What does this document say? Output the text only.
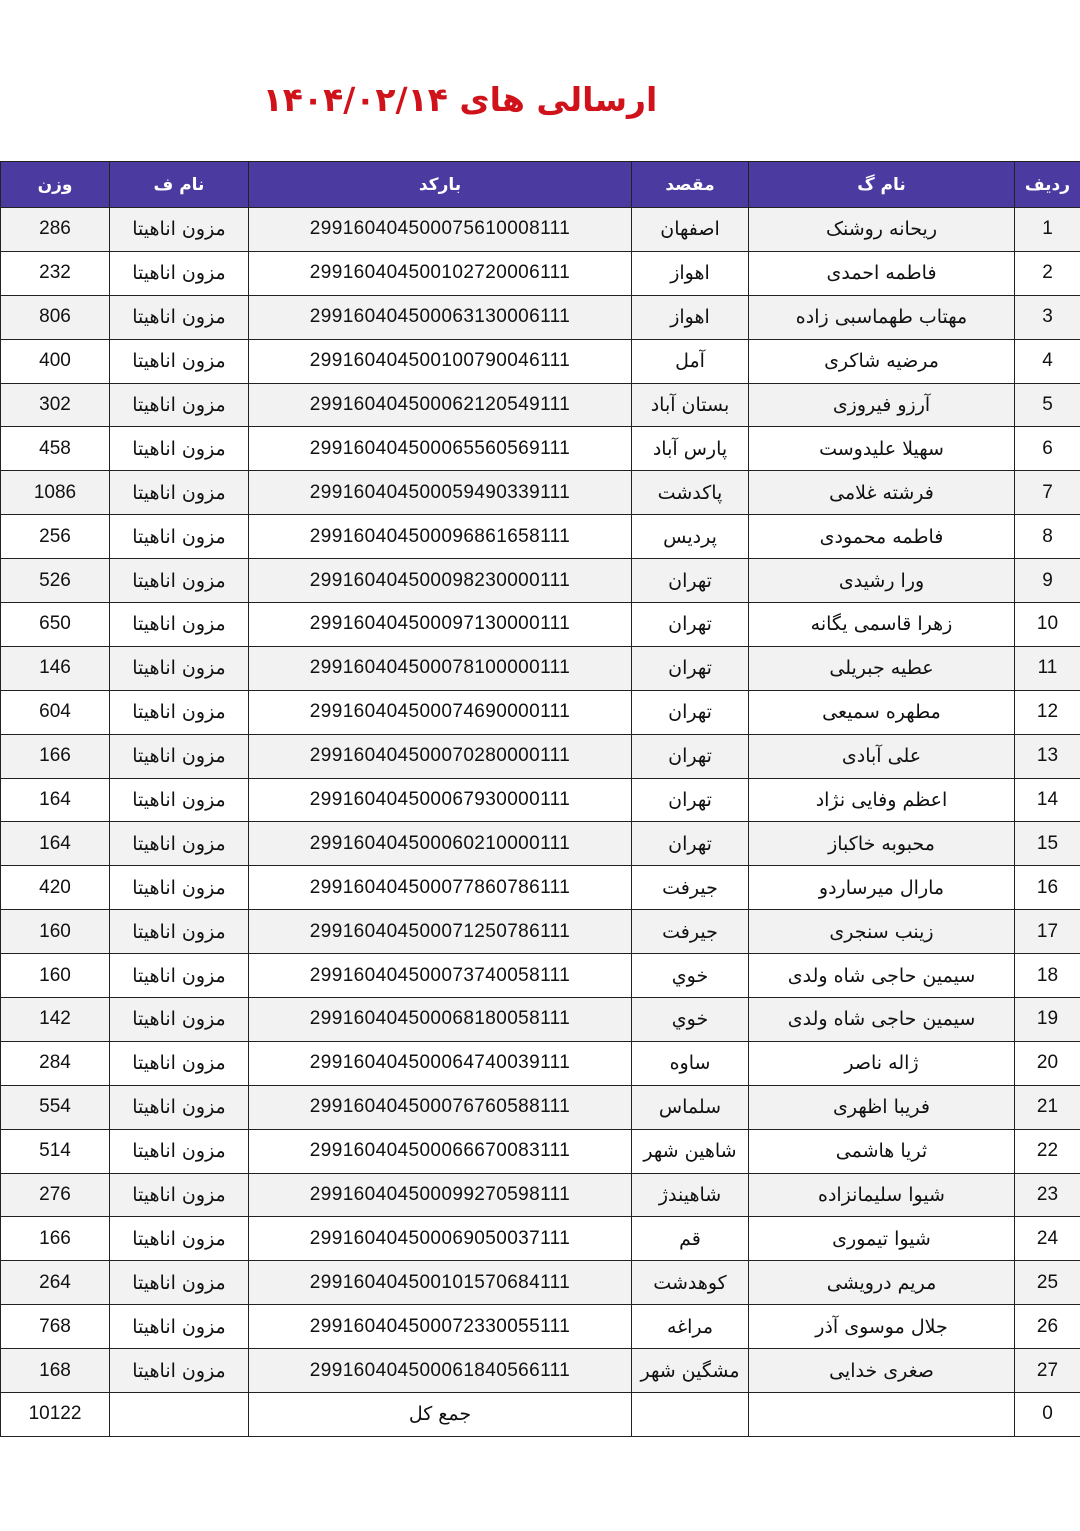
ارسالی های ۱۴۰۴/۰۲/۱۴
ردیف	نام گ	مقصد	بارکد	نام ف	وزن
1	ریحانه روشنک	اصفهان	299160404500075610008111	مزون اناهیتا	286
2	فاطمه احمدی	اهواز	299160404500102720006111	مزون اناهیتا	232
3	مهتاب طهماسبی زاده	اهواز	299160404500063130006111	مزون اناهیتا	806
4	مرضیه شاکری	آمل	299160404500100790046111	مزون اناهیتا	400
5	آرزو فیروزی	بستان آباد	299160404500062120549111	مزون اناهیتا	302
6	سهیلا علیدوست	پارس آباد	299160404500065560569111	مزون اناهیتا	458
7	فرشته غلامی	پاکدشت	299160404500059490339111	مزون اناهیتا	1086
8	فاطمه محمودی	پردیس	299160404500096861658111	مزون اناهیتا	256
9	ورا رشیدی	تهران	299160404500098230000111	مزون اناهیتا	526
10	زهرا قاسمی یگانه	تهران	299160404500097130000111	مزون اناهیتا	650
11	عطیه جبریلی	تهران	299160404500078100000111	مزون اناهیتا	146
12	مطهره سمیعی	تهران	299160404500074690000111	مزون اناهیتا	604
13	علی آبادی	تهران	299160404500070280000111	مزون اناهیتا	166
14	اعظم وفایی نژاد	تهران	299160404500067930000111	مزون اناهیتا	164
15	محبوبه خاکباز	تهران	299160404500060210000111	مزون اناهیتا	164
16	مارال میرساردو	جیرفت	299160404500077860786111	مزون اناهیتا	420
17	زینب سنجری	جیرفت	299160404500071250786111	مزون اناهیتا	160
18	سیمین حاجی شاه ولدی	خوي	299160404500073740058111	مزون اناهیتا	160
19	سیمین حاجی شاه ولدی	خوي	299160404500068180058111	مزون اناهیتا	142
20	ژاله ناصر	ساوه	299160404500064740039111	مزون اناهیتا	284
21	فریبا اظهری	سلماس	299160404500076760588111	مزون اناهیتا	554
22	ثریا هاشمی	شاهین شهر	299160404500066670083111	مزون اناهیتا	514
23	شیوا سلیمانزاده	شاهیندژ	299160404500099270598111	مزون اناهیتا	276
24	شیوا تیموری	قم	299160404500069050037111	مزون اناهیتا	166
25	مریم درویشی	کوهدشت	299160404500101570684111	مزون اناهیتا	264
26	جلال موسوی آذر	مراغه	299160404500072330055111	مزون اناهیتا	768
27	صغری خدایی	مشگین شهر	299160404500061840566111	مزون اناهیتا	168
0			جمع کل		10122
